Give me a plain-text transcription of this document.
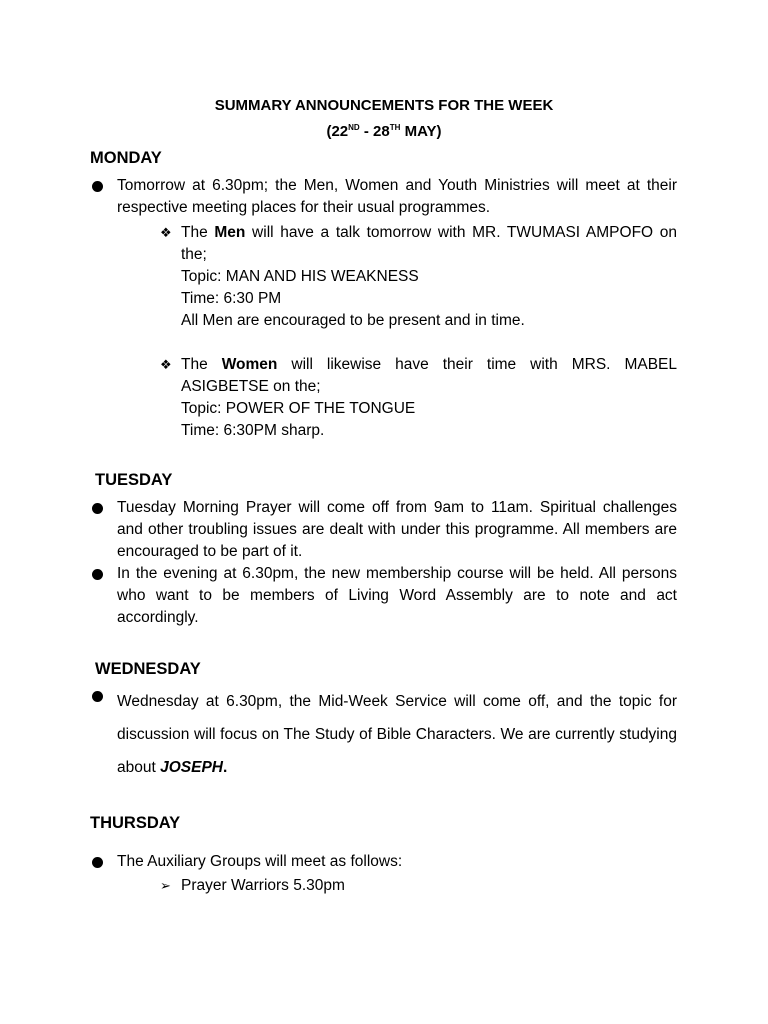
SUMMARY ANNOUNCEMENTS FOR THE WEEK
(22ND - 28TH MAY)
MONDAY
Tomorrow at 6.30pm; the Men, Women and Youth Ministries will meet at their respective meeting places for their usual programmes.
❖ The Men will have a talk tomorrow with MR. TWUMASI AMPOFO on the;
Topic: MAN AND HIS WEAKNESS
Time: 6:30 PM
All Men are encouraged to be present and in time.
❖ The Women will likewise have their time with MRS. MABEL ASIGBETSE on the;
Topic: POWER OF THE TONGUE
Time: 6:30PM sharp.
TUESDAY
Tuesday Morning Prayer will come off from 9am to 11am. Spiritual challenges and other troubling issues are dealt with under this programme. All members are encouraged to be part of it.
In the evening at 6.30pm, the new membership course will be held. All persons who want to be members of Living Word Assembly are to note and act accordingly.
WEDNESDAY
Wednesday at 6.30pm, the Mid-Week Service will come off, and the topic for discussion will focus on The Study of Bible Characters. We are currently studying about JOSEPH.
THURSDAY
The Auxiliary Groups will meet as follows:
➢ Prayer Warriors 5.30pm
